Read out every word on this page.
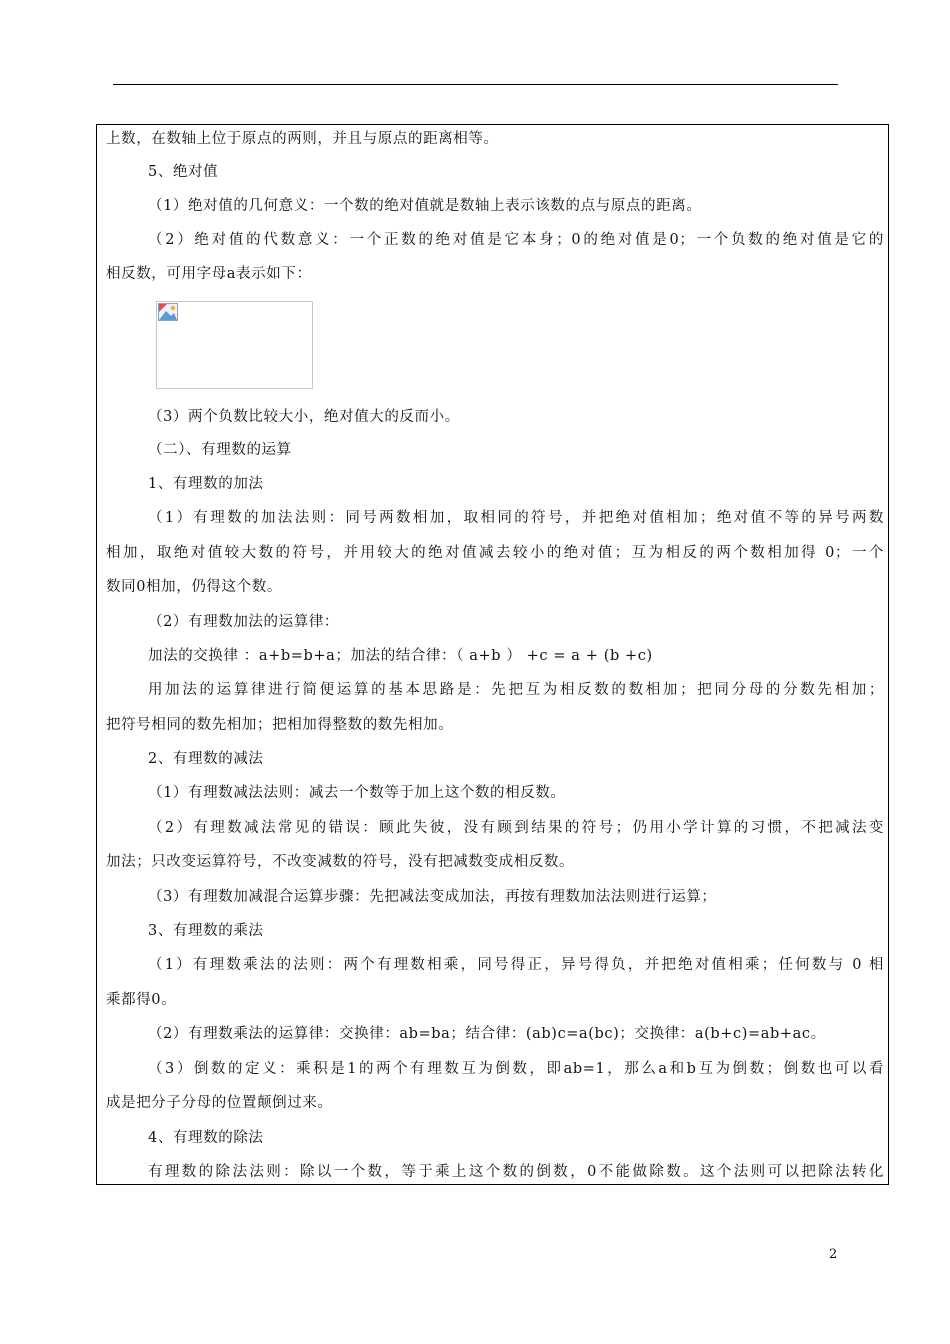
上数，在数轴上位于原点的两则，并且与原点的距离相等。
5、绝对值
（1）绝对值的几何意义：一个数的绝对值就是数轴上表示该数的点与原点的距离。
（2）绝对值的代数意义：一个正数的绝对值是它本身；0的绝对值是0；一个负数的绝对值是它的
相反数，可用字母a表示如下：
（3）两个负数比较大小，绝对值大的反而小。
（二）、有理数的运算
1、有理数的加法
（1）有理数的加法法则：同号两数相加，取相同的符号，并把绝对值相加；绝对值不等的异号两数
相加，取绝对值较大数的符号，并用较大的绝对值减去较小的绝对值；互为相反的两个数相加得 0；一个
数同0相加，仍得这个数。
（2）有理数加法的运算律：
加法的交换律 ：a+b=b+a；加法的结合律：（ a+b ） +c = a + (b +c)
用加法的运算律进行简便运算的基本思路是：先把互为相反数的数相加；把同分母的分数先相加；
把符号相同的数先相加；把相加得整数的数先相加。
2、有理数的减法
（1）有理数减法法则：减去一个数等于加上这个数的相反数。
（2）有理数减法常见的错误：顾此失彼，没有顾到结果的符号；仍用小学计算的习惯，不把减法变
加法；只改变运算符号，不改变减数的符号，没有把减数变成相反数。
（3）有理数加减混合运算步骤：先把减法变成加法，再按有理数加法法则进行运算；
3、有理数的乘法
（1）有理数乘法的法则：两个有理数相乘，同号得正，异号得负，并把绝对值相乘；任何数与 0 相
乘都得0。
（2）有理数乘法的运算律：交换律：ab=ba；结合律：(ab)c=a(bc)；交换律：a(b+c)=ab+ac。
（3）倒数的定义：乘积是1的两个有理数互为倒数，即ab=1，那么a和b互为倒数；倒数也可以看
成是把分子分母的位置颠倒过来。
4、有理数的除法
有理数的除法法则：除以一个数，等于乘上这个数的倒数，0不能做除数。这个法则可以把除法转化
2
